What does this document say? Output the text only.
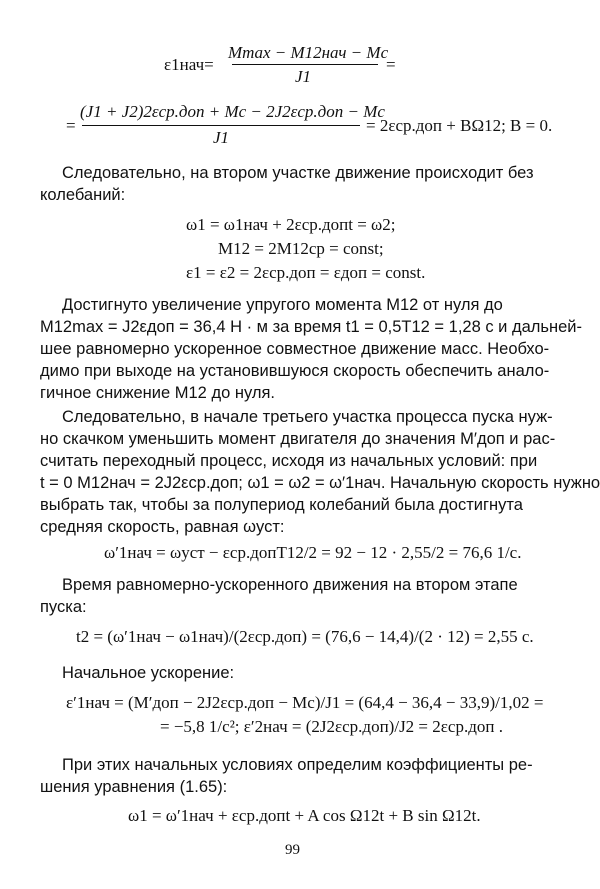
ε1нач=
Mmax − M12нач − Mc
J1
=
=
(J1 + J2)2εср.доп + Mc − 2J2εср.доп − Mc
J1
= 2εср.доп + BΩ12; B = 0.
Следовательно, на втором участке движение происходит без
колебаний:
ω1 = ω1нач + 2εср.допt = ω2;
M12 = 2M12ср = const;
ε1 = ε2 = 2εср.доп = εдоп = const.
Достигнуто увеличение упругого момента M12 от нуля до
M12max = J2εдоп = 36,4 Н · м за время t1 = 0,5T12 = 1,28 с и дальней-
шее равномерно ускоренное совместное движение масс. Необхо-
димо при выходе на установившуюся скорость обеспечить анало-
гичное снижение M12 до нуля.
Следовательно, в начале третьего участка процесса пуска нуж-
но скачком уменьшить момент двигателя до значения M′доп и рас-
считать переходный процесс, исходя из начальных условий: при
t = 0 M12нач = 2J2εср.доп; ω1 = ω2 = ω′1нач. Начальную скорость нужно
выбрать так, чтобы за полупериод колебаний была достигнута
средняя скорость, равная ωуст:
ω′1нач = ωуст − εср.допT12/2 = 92 − 12 · 2,55/2 = 76,6 1/с.
Время равномерно-ускоренного движения на втором этапе
пуска:
t2 = (ω′1нач − ω1нач)/(2εср.доп) = (76,6 − 14,4)/(2 · 12) = 2,55 с.
Начальное ускорение:
ε′1нач = (M′доп − 2J2εср.доп − Mc)/J1 = (64,4 − 36,4 − 33,9)/1,02 =
= −5,8 1/с²; ε′2нач = (2J2εср.доп)/J2 = 2εср.доп .
При этих начальных условиях определим коэффициенты ре-
шения уравнения (1.65):
ω1 = ω′1нач + εср.допt + A cos Ω12t + B sin Ω12t.
99
